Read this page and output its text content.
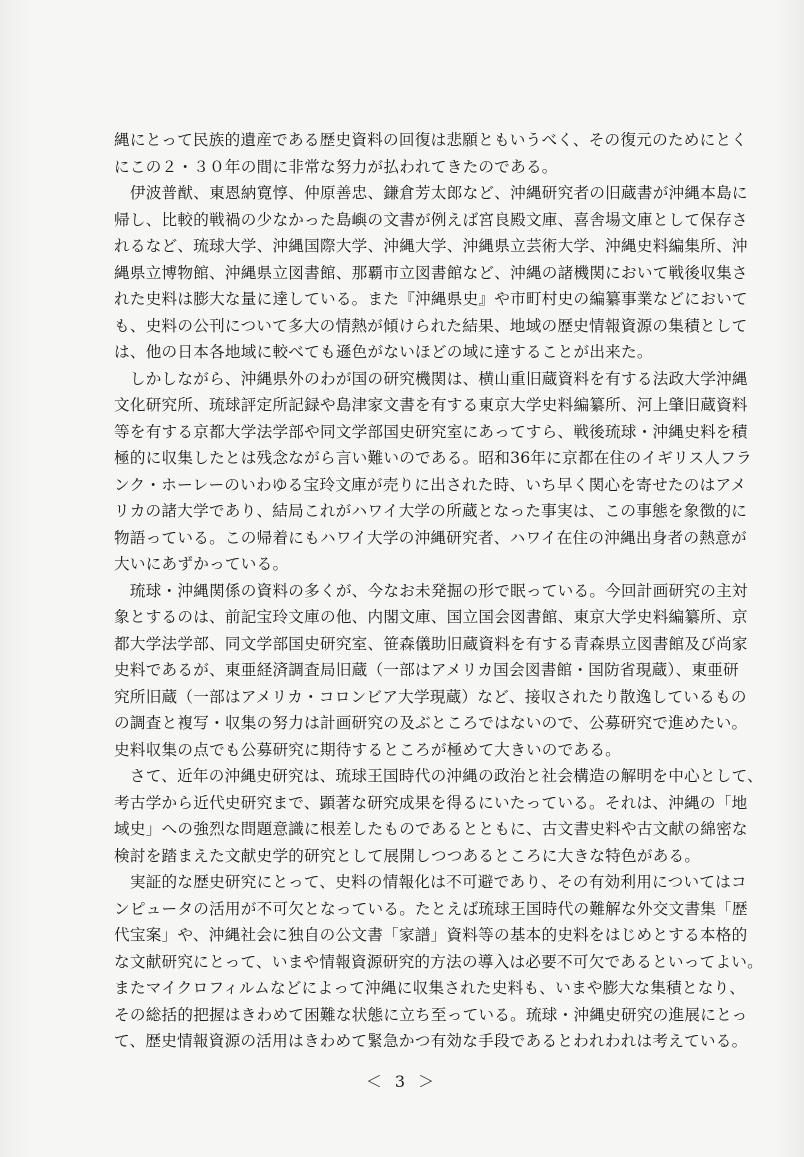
縄にとって民族的遺産である歴史資料の回復は悲願ともいうべく、その復元のためにとく
にこの２・３０年の間に非常な努力が払われてきたのである。
　伊波普猷、東恩納寛惇、仲原善忠、鎌倉芳太郎など、沖縄研究者の旧蔵書が沖縄本島に
帰し、比較的戦禍の少なかった島嶼の文書が例えば宮良殿文庫、喜舎場文庫として保存さ
れるなど、琉球大学、沖縄国際大学、沖縄大学、沖縄県立芸術大学、沖縄史料編集所、沖
縄県立博物館、沖縄県立図書館、那覇市立図書館など、沖縄の諸機関において戦後収集さ
れた史料は膨大な量に達している。また『沖縄県史』や市町村史の編纂事業などにおいて
も、史料の公刊について多大の情熱が傾けられた結果、地域の歴史情報資源の集積として
は、他の日本各地域に較べても遜色がないほどの域に達することが出来た。
　しかしながら、沖縄県外のわが国の研究機関は、横山重旧蔵資料を有する法政大学沖縄
文化研究所、琉球評定所記録や島津家文書を有する東京大学史料編纂所、河上肇旧蔵資料
等を有する京都大学法学部や同文学部国史研究室にあってすら、戦後琉球・沖縄史料を積
極的に収集したとは残念ながら言い難いのである。昭和36年に京都在住のイギリス人フラ
ンク・ホーレーのいわゆる宝玲文庫が売りに出された時、いち早く関心を寄せたのはアメ
リカの諸大学であり、結局これがハワイ大学の所蔵となった事実は、この事態を象徴的に
物語っている。この帰着にもハワイ大学の沖縄研究者、ハワイ在住の沖縄出身者の熱意が
大いにあずかっている。
　琉球・沖縄関係の資料の多くが、今なお未発掘の形で眠っている。今回計画研究の主対
象とするのは、前記宝玲文庫の他、内閣文庫、国立国会図書館、東京大学史料編纂所、京
都大学法学部、同文学部国史研究室、笹森儀助旧蔵資料を有する青森県立図書館及び尚家
史料であるが、東亜経済調査局旧蔵（一部はアメリカ国会図書館・国防省現蔵）、東亜研
究所旧蔵（一部はアメリカ・コロンビア大学現蔵）など、接収されたり散逸しているもの
の調査と複写・収集の努力は計画研究の及ぶところではないので、公募研究で進めたい。
史料収集の点でも公募研究に期待するところが極めて大きいのである。
　さて、近年の沖縄史研究は、琉球王国時代の沖縄の政治と社会構造の解明を中心として、
考古学から近代史研究まで、顕著な研究成果を得るにいたっている。それは、沖縄の「地
域史」への強烈な問題意識に根差したものであるとともに、古文書史料や古文献の綿密な
検討を踏まえた文献史学的研究として展開しつつあるところに大きな特色がある。
　実証的な歴史研究にとって、史料の情報化は不可避であり、その有効利用についてはコ
ンピュータの活用が不可欠となっている。たとえば琉球王国時代の難解な外交文書集「歴
代宝案」や、沖縄社会に独自の公文書「家譜」資料等の基本的史料をはじめとする本格的
な文献研究にとって、いまや情報資源研究的方法の導入は必要不可欠であるといってよい。
またマイクロフィルムなどによって沖縄に収集された史料も、いまや膨大な集積となり、
その総括的把握はきわめて困難な状態に立ち至っている。琉球・沖縄史研究の進展にとっ
て、歴史情報資源の活用はきわめて緊急かつ有効な手段であるとわれわれは考えている。
＜ 3 ＞
